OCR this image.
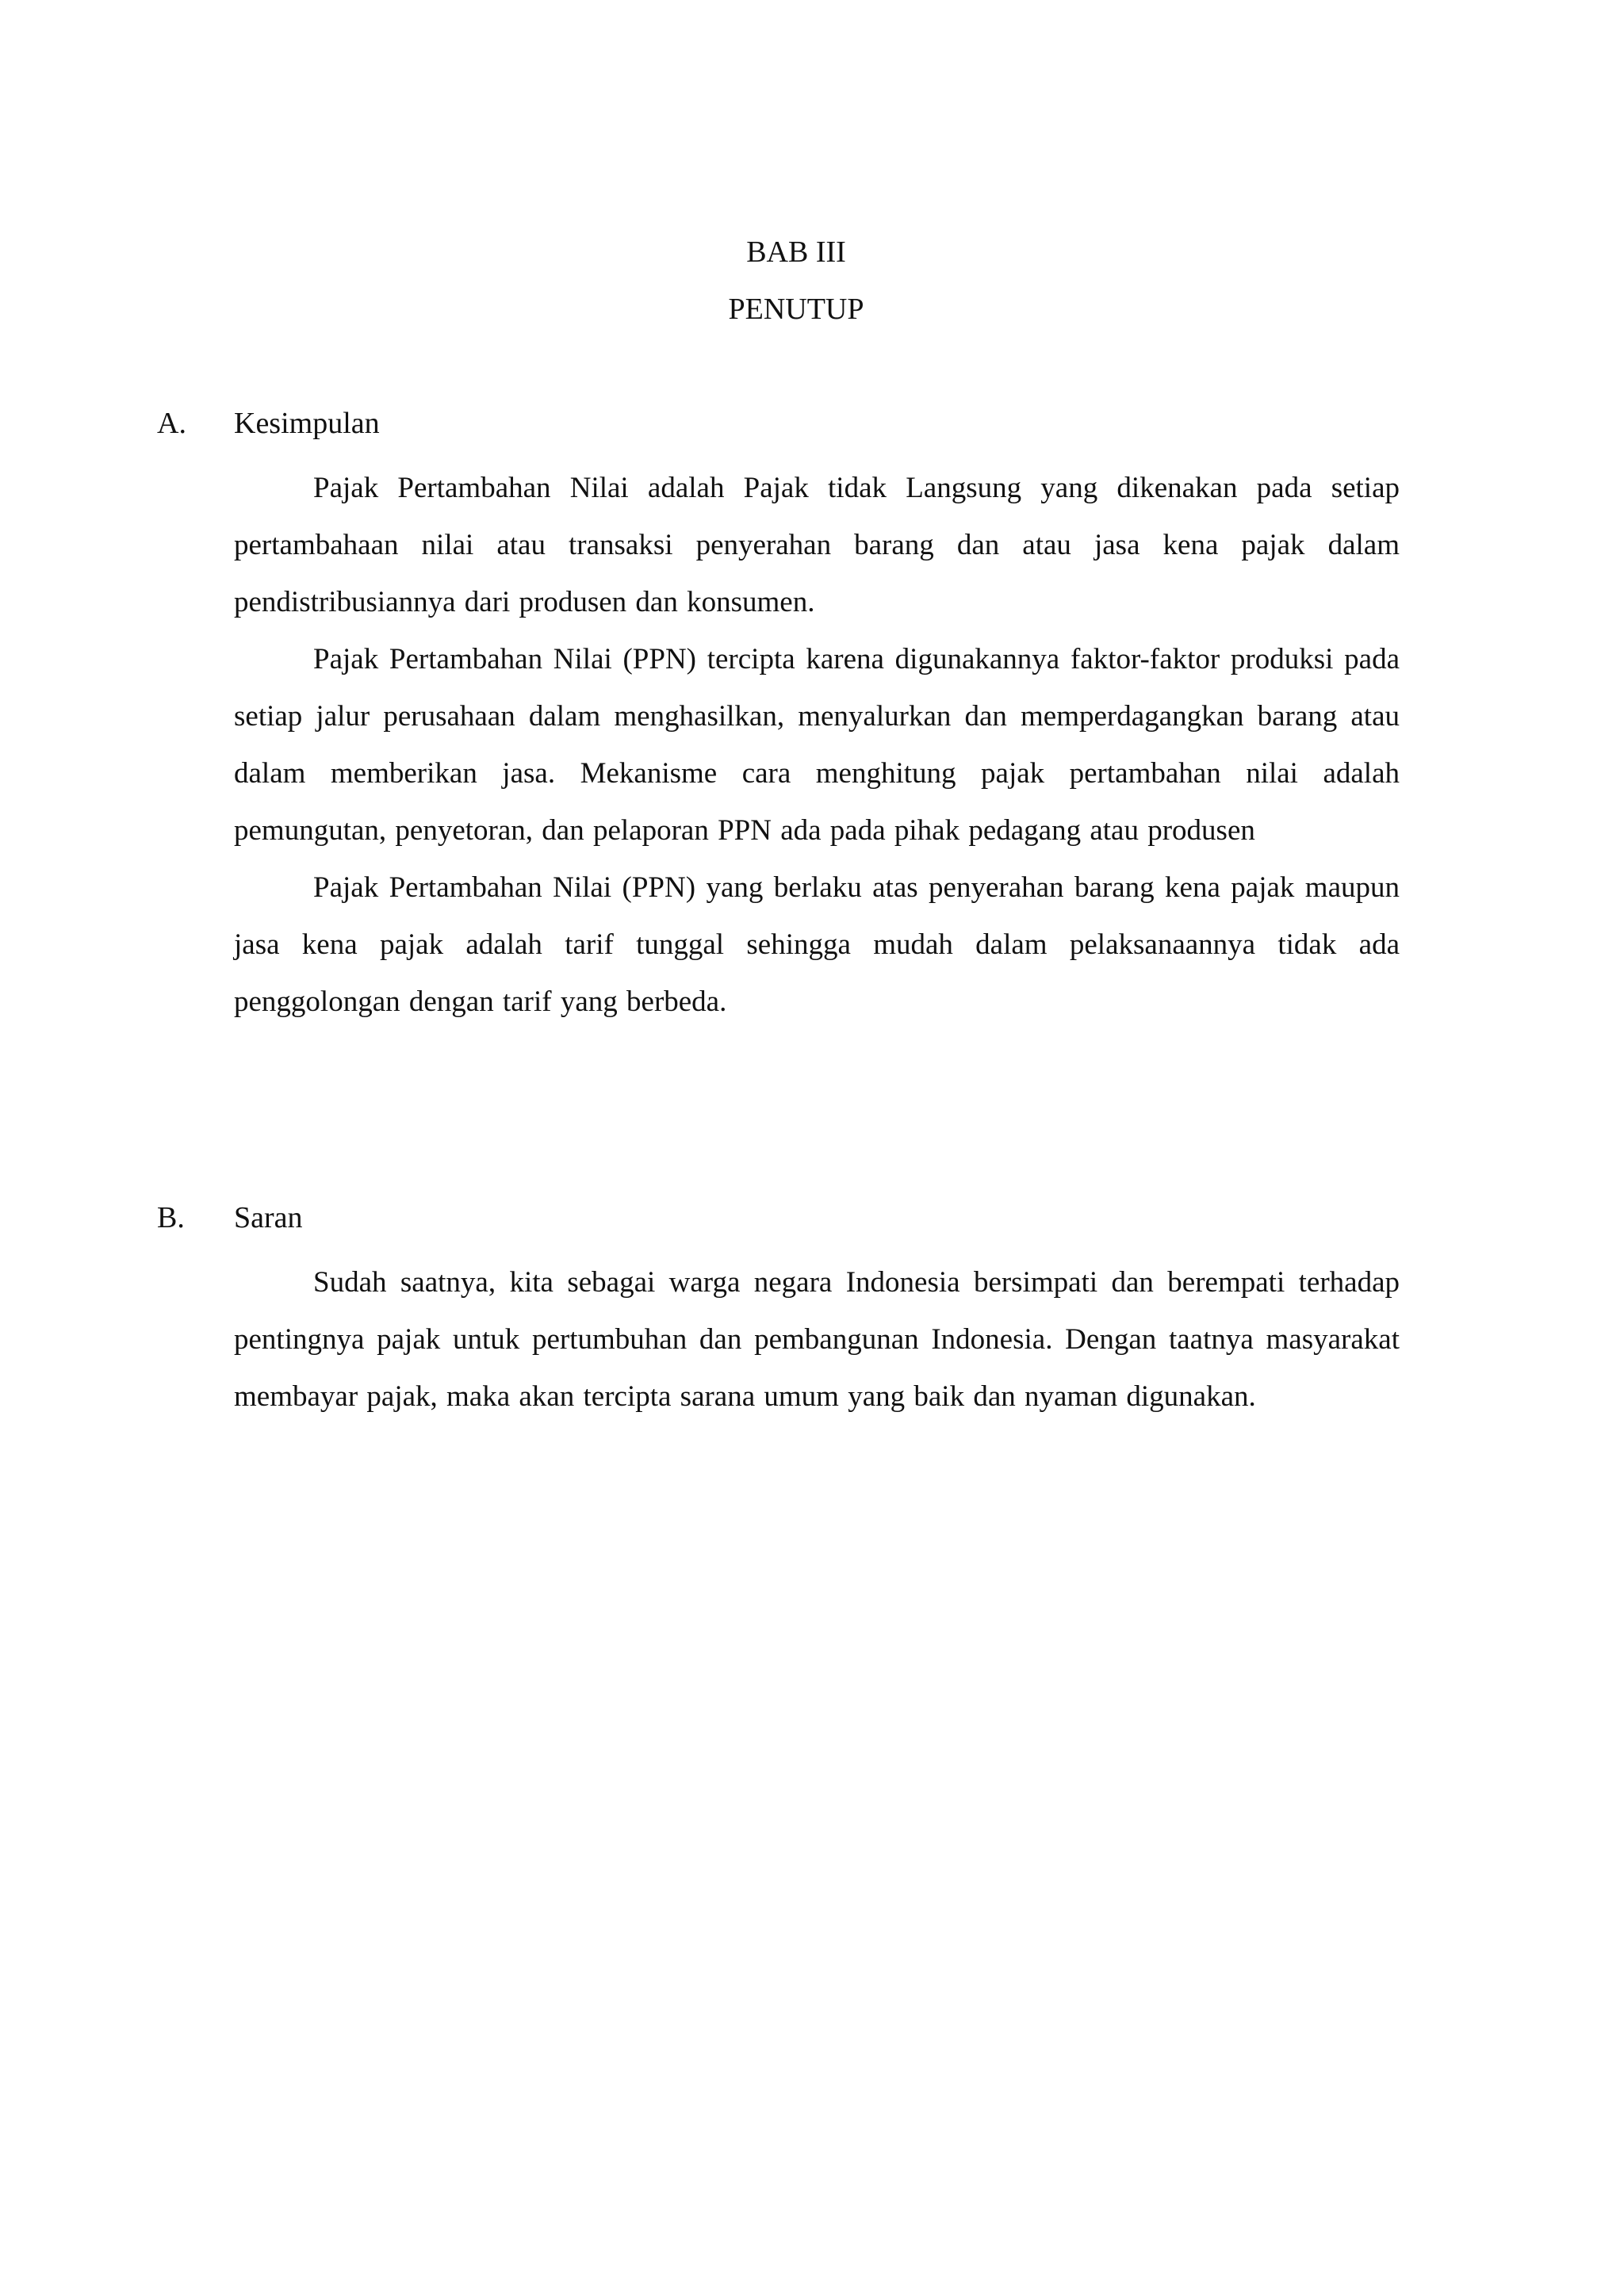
BAB III
PENUTUP
A. Kesimpulan

Pajak Pertambahan Nilai adalah Pajak tidak Langsung yang dikenakan pada setiap pertambahaan nilai atau transaksi penyerahan barang dan atau jasa kena pajak dalam pendistribusiannya dari produsen dan konsumen.

Pajak Pertambahan Nilai (PPN) tercipta karena digunakannya faktor-faktor produksi pada setiap jalur perusahaan dalam menghasilkan, menyalurkan dan memperdagangkan barang atau dalam memberikan jasa. Mekanisme cara menghitung pajak pertambahan nilai adalah pemungutan, penyetoran, dan pelaporan PPN ada pada pihak pedagang atau produsen

Pajak Pertambahan Nilai (PPN) yang berlaku atas penyerahan barang kena pajak maupun jasa kena pajak adalah tarif tunggal sehingga mudah dalam pelaksanaannya tidak ada penggolongan dengan tarif yang berbeda.

B. Saran

Sudah saatnya, kita sebagai warga negara Indonesia bersimpati dan berempati terhadap pentingnya pajak untuk pertumbuhan dan pembangunan Indonesia. Dengan taatnya masyarakat membayar pajak, maka akan tercipta sarana umum yang baik dan nyaman digunakan.
